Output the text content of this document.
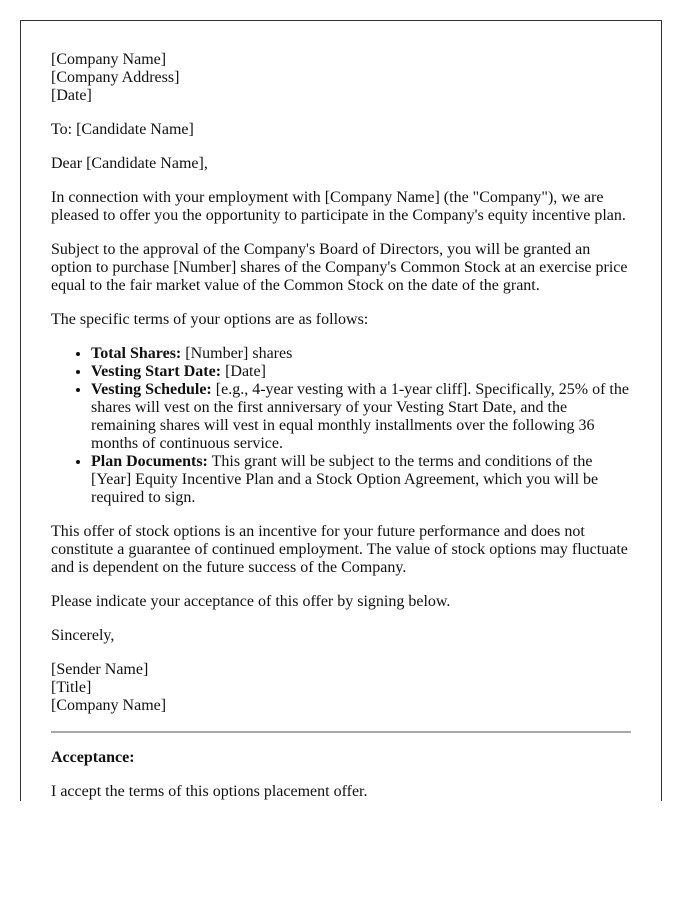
[Company Name]

[Company Address]

[Date]

To: [Candidate Name]

Dear [Candidate Name],

In connection with your employment with [Company Name] (the "Company"), we are pleased to offer you the opportunity to participate in the Company's equity incentive plan.

Subject to the approval of the Company's Board of Directors, you will be granted an option to purchase [Number] shares of the Company's Common Stock at an exercise price equal to the fair market value of the Common Stock on the date of the grant.

The specific terms of your options are as follows:

• Total Shares: [Number] shares
• Vesting Start Date: [Date]
• Vesting Schedule: [e.g., 4-year vesting with a 1-year cliff]. Specifically, 25% of the shares will vest on the first anniversary of your Vesting Start Date, and the remaining shares will vest in equal monthly installments over the following 36 months of continuous service.
• Plan Documents: This grant will be subject to the terms and conditions of the [Year] Equity Incentive Plan and a Stock Option Agreement, which you will be required to sign.

This offer of stock options is an incentive for your future performance and does not constitute a guarantee of continued employment. The value of stock options may fluctuate and is dependent on the future success of the Company.

Please indicate your acceptance of this offer by signing below.

Sincerely,

[Sender Name]

[Title]

[Company Name]

Acceptance:

I accept the terms of this options placement offer.
